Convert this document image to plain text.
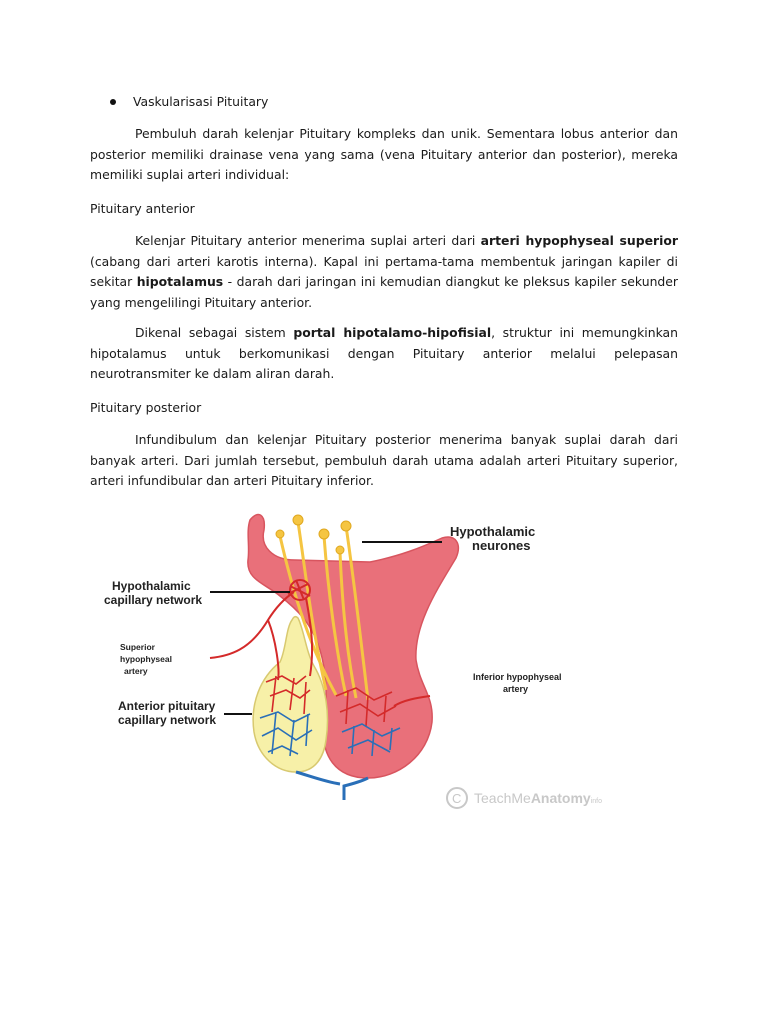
Vaskularisasi Pituitary

Pembuluh darah kelenjar Pituitary kompleks dan unik. Sementara lobus anterior dan posterior memiliki drainase vena yang sama (vena Pituitary anterior dan posterior), mereka memiliki suplai arteri individual:

Pituitary anterior

Kelenjar Pituitary anterior menerima suplai arteri dari arteri hypophyseal superior (cabang dari arteri karotis interna). Kapal ini pertama-tama membentuk jaringan kapiler di sekitar hipotalamus - darah dari jaringan ini kemudian diangkut ke pleksus kapiler sekunder yang mengelilingi Pituitary anterior.

Dikenal sebagai sistem portal hipotalamo-hipofisial, struktur ini memungkinkan hipotalamus untuk berkomunikasi dengan Pituitary anterior melalui pelepasan neurotransmiter ke dalam aliran darah.

Pituitary posterior

Infundibulum dan kelenjar Pituitary posterior menerima banyak suplai darah dari banyak arteri. Dari jumlah tersebut, pembuluh darah utama adalah arteri Pituitary superior, arteri infundibular dan arteri Pituitary inferior.

Hypothalamic
neurones
Hypothalamic
capillary network
Superior
hypophyseal
artery
Anterior pituitary
capillary network
Inferior hypophyseal
artery
C TeachMeAnatomyinfo
